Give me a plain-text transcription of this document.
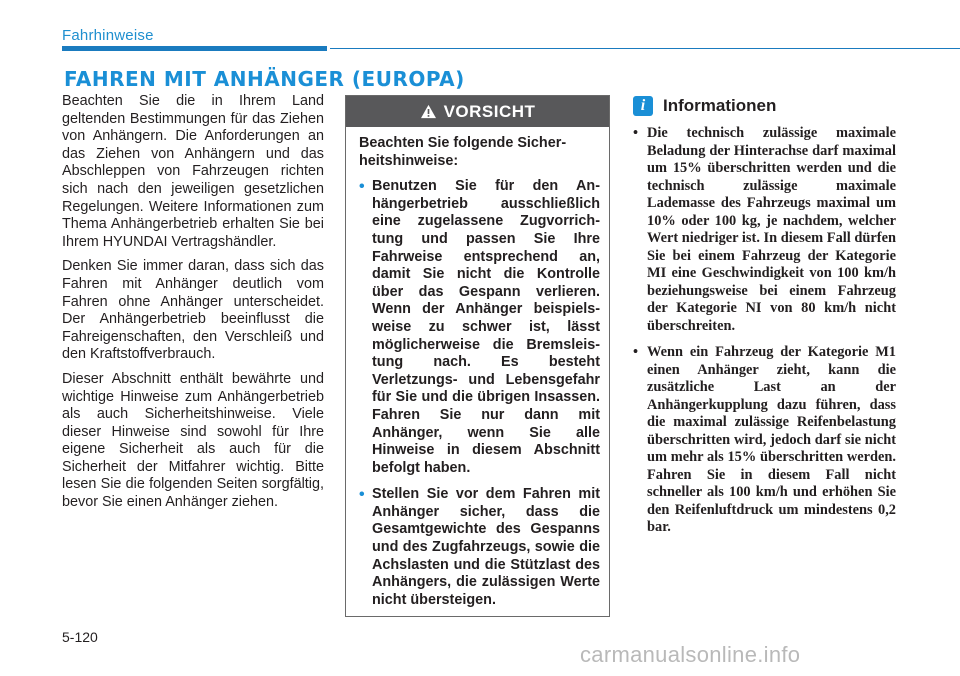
Fahrhinweise
FAHREN MIT ANHÄNGER (EUROPA)

Beachten Sie die in Ihrem Land geltenden Bestimmungen für das Ziehen von Anhängern. Die Anforderungen an das Ziehen von Anhängern und das Abschleppen von Fahrzeugen richten sich nach den jeweiligen gesetzlichen Regelungen. Weitere Informationen zum Thema Anhängerbetrieb erhalten Sie bei Ihrem HYUNDAI Vertragshändler.

Denken Sie immer daran, dass sich das Fahren mit Anhänger deutlich vom Fahren ohne Anhänger unterscheidet. Der Anhängerbetrieb beeinflusst die Fahreigenschaften, den Verschleiß und den Kraftstoffverbrauch.

Dieser Abschnitt enthält bewährte und wichtige Hinweise zum Anhängerbetrieb als auch Sicherheitshinweise. Viele dieser Hinweise sind sowohl für Ihre eigene Sicherheit als auch für die Sicherheit der Mitfahrer wichtig. Bitte lesen Sie die folgenden Seiten sorgfältig, bevor Sie einen Anhänger ziehen.

VORSICHT

Beachten Sie folgende Sicherheitshinweise:

• Benutzen Sie für den Anhängerbetrieb ausschließlich eine zugelassene Zugvorrichtung und passen Sie Ihre Fahrweise entsprechend an, damit Sie nicht die Kontrolle über das Gespann verlieren. Wenn der Anhänger beispielsweise zu schwer ist, lässt möglicherweise die Bremsleis-tung nach. Es besteht Verletzungs- und Lebensgefahr für Sie und die übrigen Insassen. Fahren Sie nur dann mit Anhänger, wenn Sie alle Hinweise in diesem Abschnitt befolgt haben.
• Stellen Sie vor dem Fahren mit Anhänger sicher, dass die Gesamtgewichte des Gespanns und des Zugfahrzeugs, sowie die Achslasten und die Stützlast des Anhängers, die zulässigen Werte nicht übersteigen.
i	Informationen
• Die technisch zulässige maximale Beladung der Hinterachse darf maximal um 15% überschritten werden und die technisch zulässige maximale Lademasse des Fahrzeugs maximal um 10% oder 100 kg, je nachdem, welcher Wert niedriger ist. In diesem Fall dürfen Sie bei einem Fahrzeug der Kategorie MI eine Geschwindigkeit von 100 km/h beziehungsweise bei einem Fahrzeug der Kategorie NI von 80 km/h nicht überschreiten.
• Wenn ein Fahrzeug der Kategorie M1 einen Anhänger zieht, kann die zusätzliche Last an der Anhängerkupplung dazu führen, dass die maximal zulässige Reifenbelastung überschritten wird, jedoch darf sie nicht um mehr als 15% überschritten werden. Fahren Sie in diesem Fall nicht schneller als 100 km/h und erhöhen Sie den Reifenluftdruck um mindestens 0,2 bar.
5-120
carmanualsonline.info
